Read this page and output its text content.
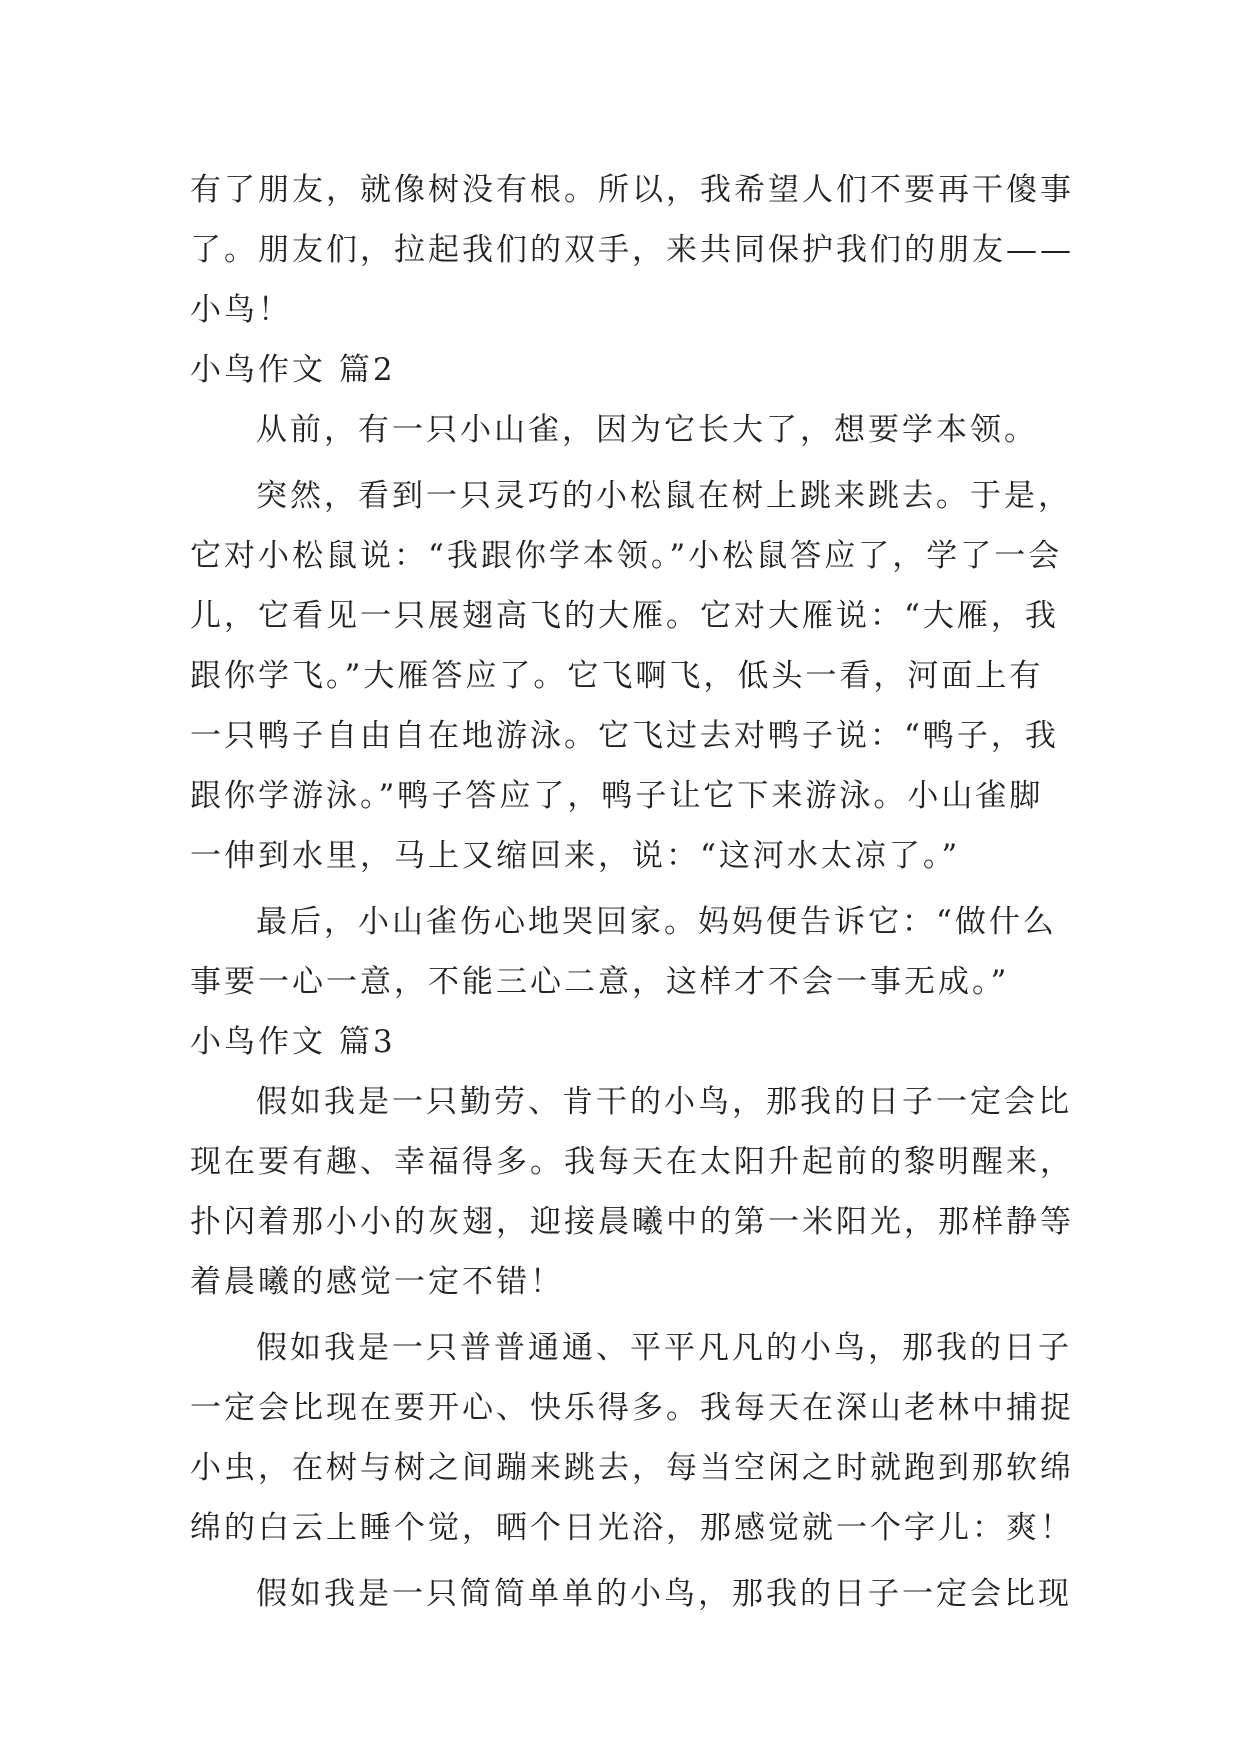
有了朋友，就像树没有根。所以，我希望人们不要再干傻事
了。朋友们，拉起我们的双手，来共同保护我们的朋友——
小鸟！
小鸟作文 篇2
从前，有一只小山雀，因为它长大了，想要学本领。
突然，看到一只灵巧的小松鼠在树上跳来跳去。于是，
它对小松鼠说：“我跟你学本领。”小松鼠答应了，学了一会
儿，它看见一只展翅高飞的大雁。它对大雁说：“大雁，我
跟你学飞。”大雁答应了。它飞啊飞，低头一看，河面上有
一只鸭子自由自在地游泳。它飞过去对鸭子说：“鸭子，我
跟你学游泳。”鸭子答应了，鸭子让它下来游泳。小山雀脚
一伸到水里，马上又缩回来，说：“这河水太凉了。”
最后，小山雀伤心地哭回家。妈妈便告诉它：“做什么
事要一心一意，不能三心二意，这样才不会一事无成。”
小鸟作文 篇3
假如我是一只勤劳、肯干的小鸟，那我的日子一定会比
现在要有趣、幸福得多。我每天在太阳升起前的黎明醒来，
扑闪着那小小的灰翅，迎接晨曦中的第一米阳光，那样静等
着晨曦的感觉一定不错！
假如我是一只普普通通、平平凡凡的小鸟，那我的日子
一定会比现在要开心、快乐得多。我每天在深山老林中捕捉
小虫，在树与树之间蹦来跳去，每当空闲之时就跑到那软绵
绵的白云上睡个觉，晒个日光浴，那感觉就一个字儿：爽！
假如我是一只简简单单的小鸟，那我的日子一定会比现
